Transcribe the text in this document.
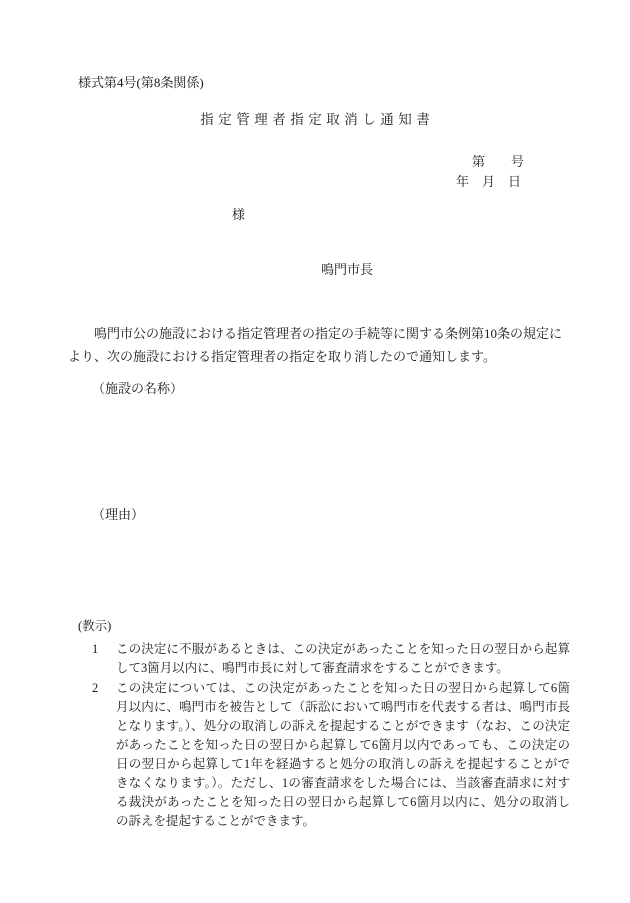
様式第4号(第8条関係)
指定管理者指定取消し通知書
第        号
年    月    日
様
鳴門市長
　鳴門市公の施設における指定管理者の指定の手続等に関する条例第10条の規定により、次の施設における指定管理者の指定を取り消したので通知します。
（施設の名称）
（理由）
(教示)
1	この決定に不服があるときは、この決定があったことを知った日の翌日から起算して3箇月以内に、鳴門市長に対して審査請求をすることができます。
2	この決定については、この決定があったことを知った日の翌日から起算して6箇月以内に、鳴門市を被告として（訴訟において鳴門市を代表する者は、鳴門市長となります。）、処分の取消しの訴えを提起することができます（なお、この決定があったことを知った日の翌日から起算して6箇月以内であっても、この決定の日の翌日から起算して1年を経過すると処分の取消しの訴えを提起することができなくなります。）。ただし、1の審査請求をした場合には、当該審査請求に対する裁決があったことを知った日の翌日から起算して6箇月以内に、処分の取消しの訴えを提起することができます。
